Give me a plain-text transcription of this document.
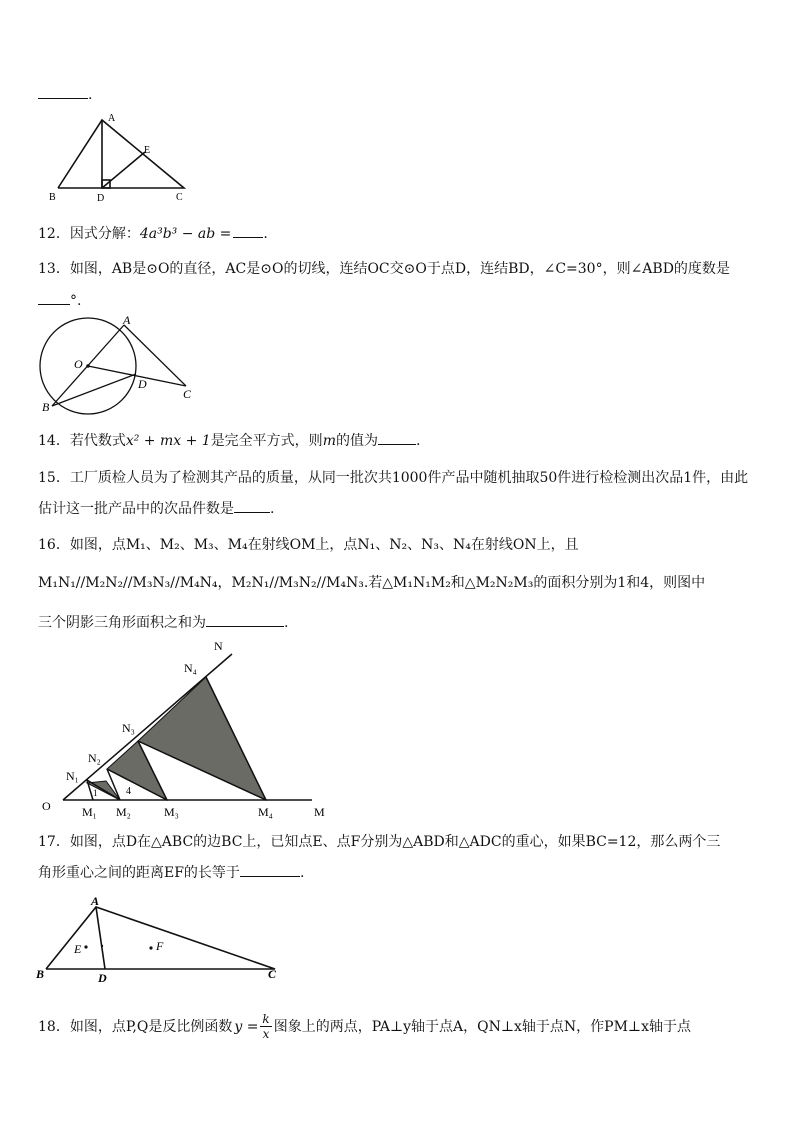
.
A
E
B	D	C
12．因式分解：4a³b³ − ab = .
13．如图，AB是⊙O的直径，AC是⊙O的切线，连结OC交⊙O于点D，连结BD，∠C=30°，则∠ABD的度数是
°.
A
O
D
C
B
14．若代数式x² + mx + 1是完全平方式，则m的值为	.
15．工厂质检人员为了检测其产品的质量，从同一批次共1000件产品中随机抽取50件进行检检测出次品1件，由此
估计这一批产品中的次品件数是	.
16．如图，点M₁、M₂、M₃、M₄在射线OM上，点N₁、N₂、N₃、N₄在射线ON上，且
M₁N₁//M₂N₂//M₃N₃//M₄N₄，M₂N₁//M₃N₂//M₄N₃.若△M₁N₁M₂和△M₂N₂M₃的面积分别为1和4，则图中
三个阴影三角形面积之和为	.
N
N₄
N₃
N₂
N₁
O	M₁ M₂	M₃	M₄	M
1	4
17．如图，点D在△ABC的边BC上，已知点E、点F分别为△ABD和△ADC的重心，如果BC=12，那么两个三
角形重心之间的距离EF的长等于	.
A
E	F
B	D	C
18．如图，点P,Q是反比例函数 $y = \frac{k}{x}$ 图象上的两点，PA⊥y轴于点A，QN⊥x轴于点N，作PM⊥x轴于点
